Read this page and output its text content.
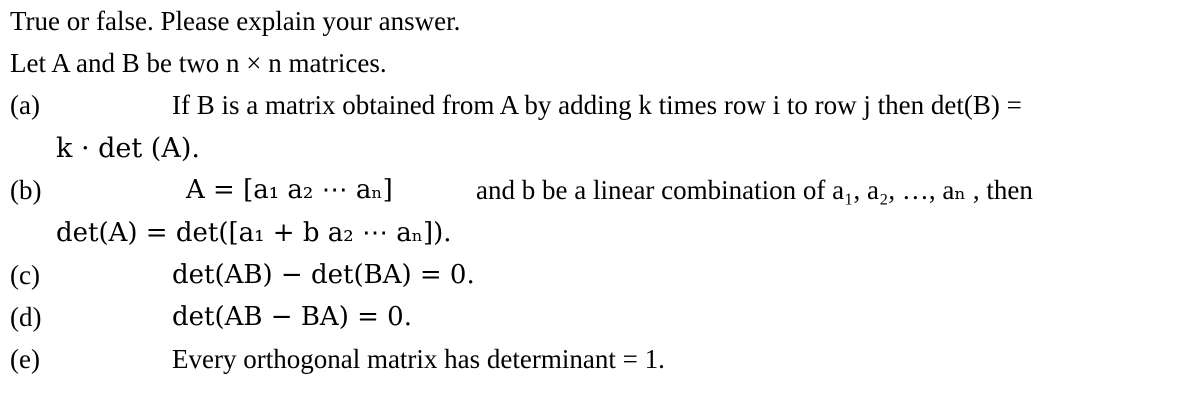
True or false. Please explain your answer.
Let A and B be two n × n matrices.
(a)	If B is a matrix obtained from A by adding k times row i to row j then det(B) =
k · det (A).
(b)	A = [a₁ a₂ ⋯ aₙ]	and b be a linear combination of a₁, a₂, …, aₙ , then
det(A) = det([a₁ + b a₂ ⋯ aₙ]).
(c)	det(AB) − det(BA) = 0.
(d)	det(AB − BA) = 0.
(e)	Every orthogonal matrix has determinant = 1.
